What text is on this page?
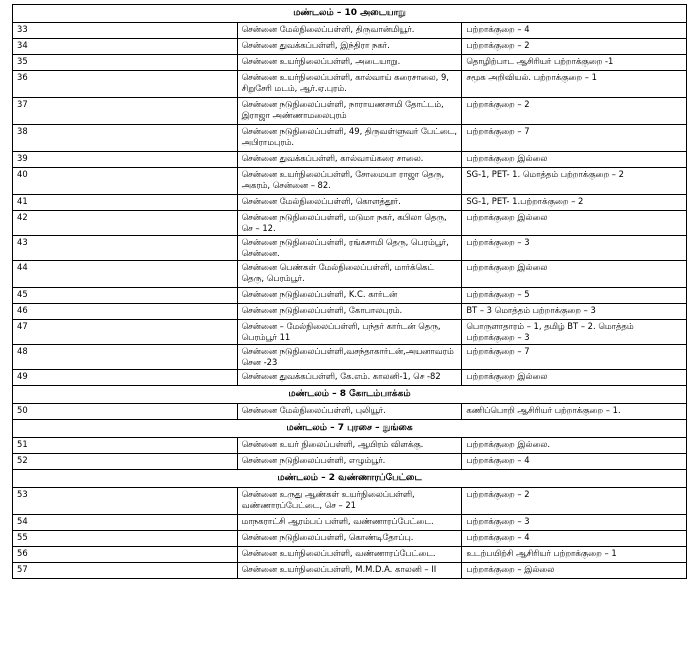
மண்டலம் – 10 அடையாறு		
33	சென்னை மேல்நிலைப்பள்ளி, திருவான்மியூர்.	பற்றாக்குறை – 4
34	சென்னை துவக்கப்பள்ளி, இந்திரா நகர்.	பற்றாக்குறை – 2
35	சென்னை உயர்நிலைப்பள்ளி, அடையாறு.	தொழிற்பாட ஆசிரியர் பற்றாக்குறை -1
36	சென்னை உயர்நிலைப்பள்ளி, கால்வாய் கரைசாலை, 9, சிறுசேரி மடம், ஆர்.ஏ.புரம்.	சமூக அறிவியல். பற்றாக்குறை – 1
37	சென்னை நடுநிலைப்பள்ளி, நாராயணசாமி தோட்டம், இராஜா அண்ணாமலைபுரம்	பற்றாக்குறை – 2
38	சென்னை நடுநிலைப்பள்ளி, 49, திருவள்ளுவர் பேட்டை, அபிராமபுரம்.	பற்றாக்குறை – 7
39	சென்னை துவக்கப்பள்ளி, கால்வாய்கரை சாலை.	பற்றாக்குறை இல்லை
40	சென்னை உயர்நிலைப்பள்ளி, சோமையா ராஜா தெரு, அகரம், சென்னை – 82.	SG-1, PET- 1. மொத்தம் பற்றாக்குறை – 2
41	சென்னை மேல்நிலைப்பள்ளி, கொளத்தூர்.	SG-1, PET- 1.பற்றாக்குறை – 2
42	சென்னை நடுநிலைப்பள்ளி, மடுமா நகர், கபிலா தெரு, செ – 12.	பற்றாக்குறை இல்லை
43	சென்னை நடுநிலைப்பள்ளி, ரங்கசாமி தெரு, பெரம்பூர், சென்னை.	பற்றாக்குறை – 3
44	சென்னை பெண்கள் மேல்நிலைப்பள்ளி, மார்க்கெட் தெரு, பெரம்பூர்.	பற்றாக்குறை இல்லை
45	சென்னை நடுநிலைப்பள்ளி, K.C. கார்டன்	பற்றாக்குறை – 5
46	சென்னை நடுநிலைப்பள்ளி, கோபாலபுரம்.	BT – 3 மொத்தம் பற்றாக்குறை – 3
47	சென்னை – மேல்நிலைப்பள்ளி, பந்தர் கார்டன் தெரு, பெரம்பூர் 11	பொருளாதாரம் – 1, தமிழ் BT – 2. மொத்தம் பற்றாக்குறை – 3
48	சென்னை நடுநிலைப்பள்ளி,வசந்தாகார்டன்,அயனாவரம் சென -23	பற்றாக்குறை – 7
49	சென்னை துவக்கப்பள்ளி, கே.எம். காலனி-1, செ -82	பற்றாக்குறை இல்லை
மண்டலம் – 8 கோடம்பாக்கம்		
50	சென்னை மேல்நிலைப்பள்ளி, புலியூர்.	கணிப்பொறி ஆசிரியர் பற்றாக்குறை – 1.
மண்டலம் – 7 புரசை – நுங்கை		
51	சென்னை உயர் நிலைப்பள்ளி, ஆயிரம் விளக்கு.	பற்றாக்குறை இல்லை.
52	சென்னை நடுநிலைப்பள்ளி, எழும்பூர்.	பற்றாக்குறை – 4
மண்டலம் – 2 வண்ணாரப்பேட்டை		
53	சென்னை உருது ஆண்கள் உயர்நிலைப்பள்ளி, வண்ணாரப்பேட்டை, செ – 21	பற்றாக்குறை – 2
54	மாநகராட்சி ஆரம்பப் பள்ளி, வண்ணாரப்பேட்டை.	பற்றாக்குறை – 3
55	சென்னை நடுநிலைப்பள்ளி, கொண்டிதோப்பு.	பற்றாக்குறை – 4
56	சென்னை உயர்நிலைப்பள்ளி, வண்ணாரப்பேட்டை.	உடற்பயிற்சி ஆசிரியர் பற்றாக்குறை – 1
57	சென்னை உயர்நிலைப்பள்ளி, M.M.D.A. காலனி – II	பற்றாக்குறை – இல்லை
